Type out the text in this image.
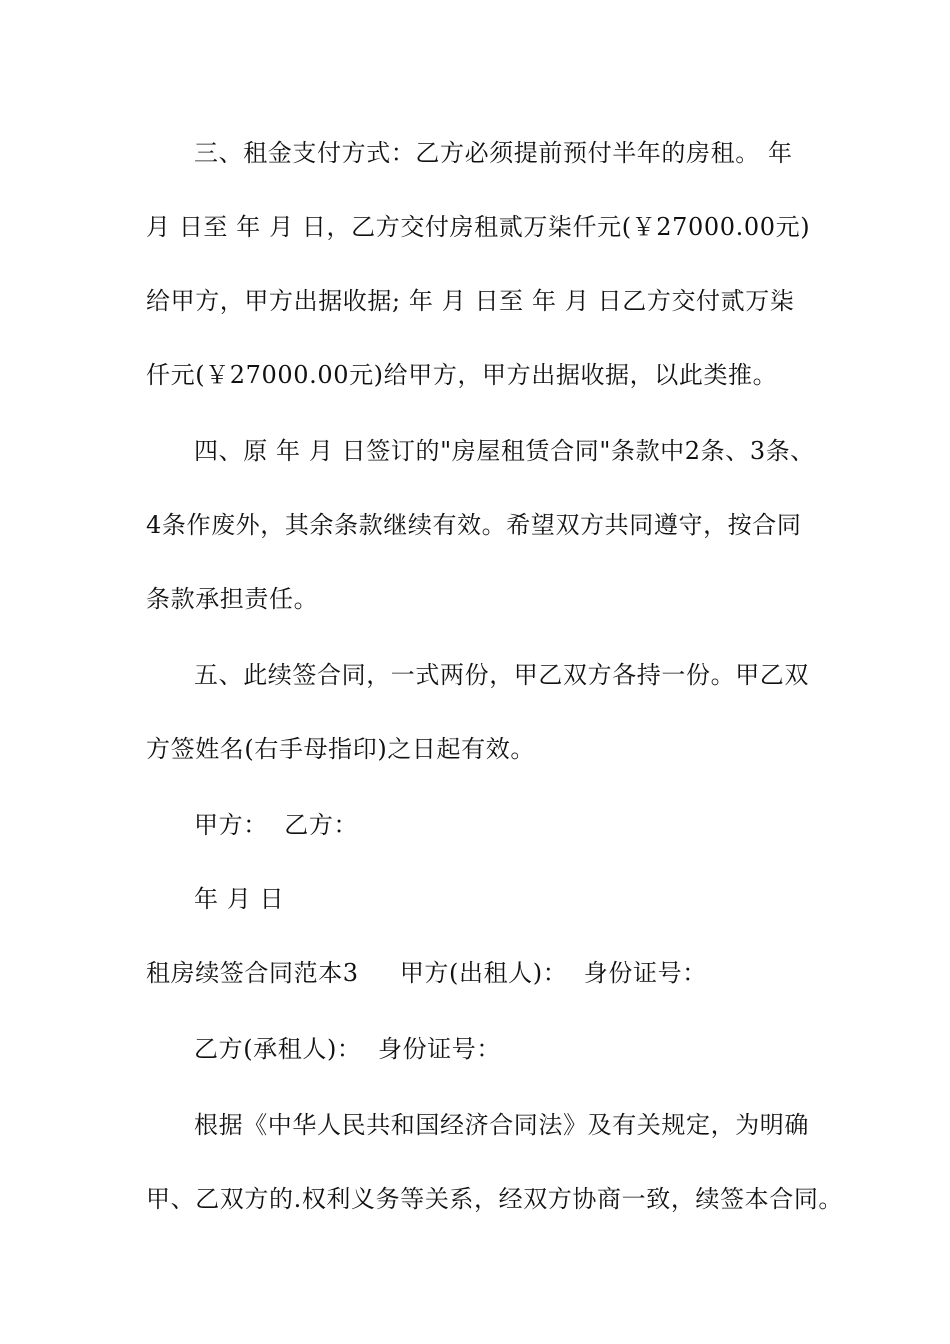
三、租金支付方式：乙方必须提前预付半年的房租。 年
月 日至 年 月 日，乙方交付房租贰万柒仟元(￥27000.00元)
给甲方，甲方出据收据; 年 月 日至 年 月 日乙方交付贰万柒
仟元(￥27000.00元)给甲方，甲方出据收据，以此类推。
四、原 年 月 日签订的"房屋租赁合同"条款中2条、3条、
4条作废外，其余条款继续有效。希望双方共同遵守，按合同
条款承担责任。
五、此续签合同，一式两份，甲乙双方各持一份。甲乙双
方签姓名(右手母指印)之日起有效。
甲方：  乙方：
年 月 日
租房续签合同范本3     甲方(出租人)：  身份证号：
乙方(承租人)：  身份证号：
根据《中华人民共和国经济合同法》及有关规定，为明确
甲、乙双方的.权利义务等关系，经双方协商一致，续签本合同。
